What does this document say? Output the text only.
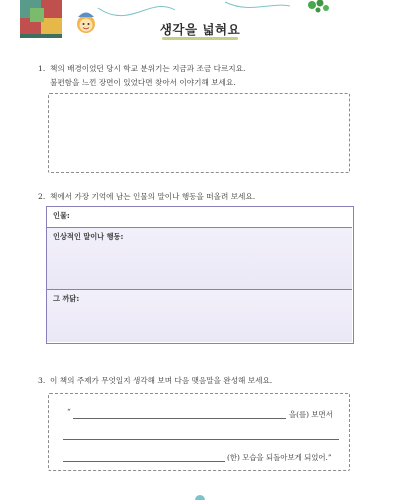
생각을 넓혀요
1. 책의 배경이었던 당시 학교 분위기는 지금과 조금 다르지요.
불편함을 느낀 장면이 있었다면 찾아서 이야기해 보세요.
2. 책에서 가장 기억에 남는 인물의 말이나 행동을 떠올려 보세요.
인물:
인상적인 말이나 행동:
그 까닭:
3. 이 책의 주제가 무엇일지 생각해 보며 다음 맺음말을 완성해 보세요.
“	을(를) 보면서
(한) 모습을 되돌아보게 되었어.”
